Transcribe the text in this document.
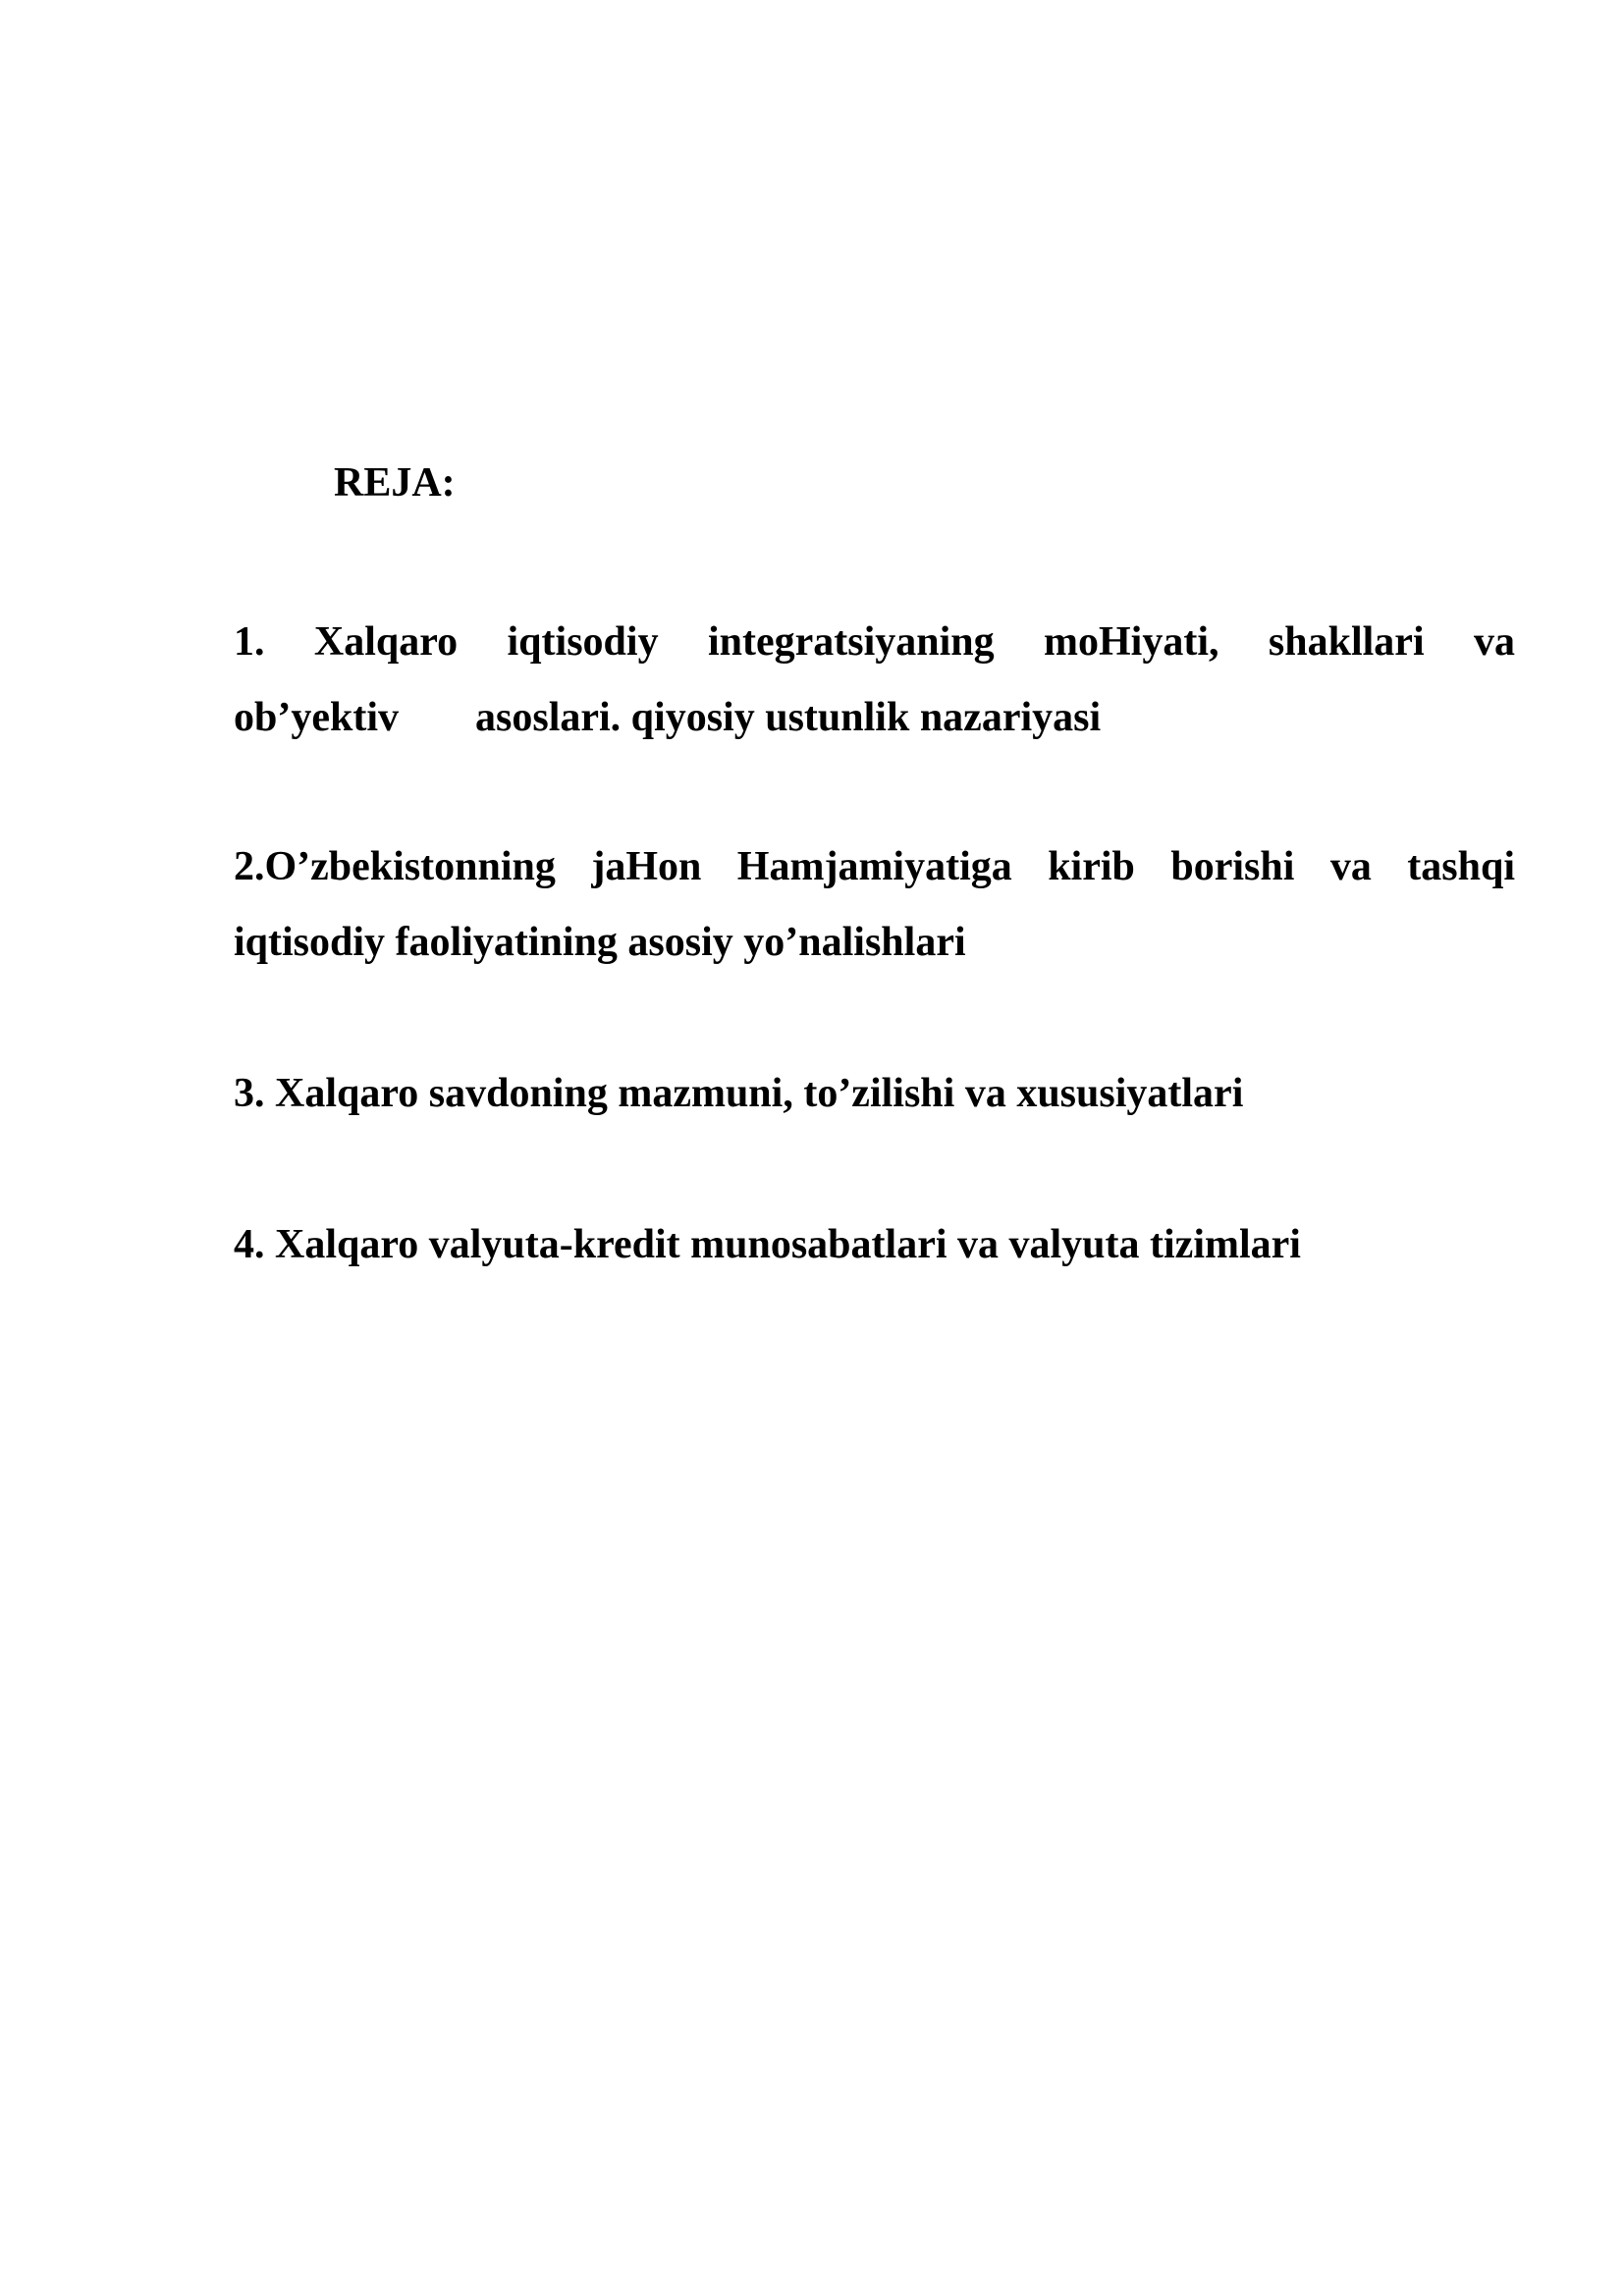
REJA:
1. Xalqaro iqtisodiy integratsiyaning moHiyati, shakllari va
ob’yektiv asoslari. qiyosiy ustunlik nazariyasi
2.O’zbekistonning jaHon Hamjamiyatiga kirib borishi va tashqi
iqtisodiy faoliyatining asosiy yo’nalishlari
3. Xalqaro savdoning mazmuni, to’zilishi va xususiyatlari
4. Xalqaro valyuta-kredit munosabatlari va valyuta tizimlari
